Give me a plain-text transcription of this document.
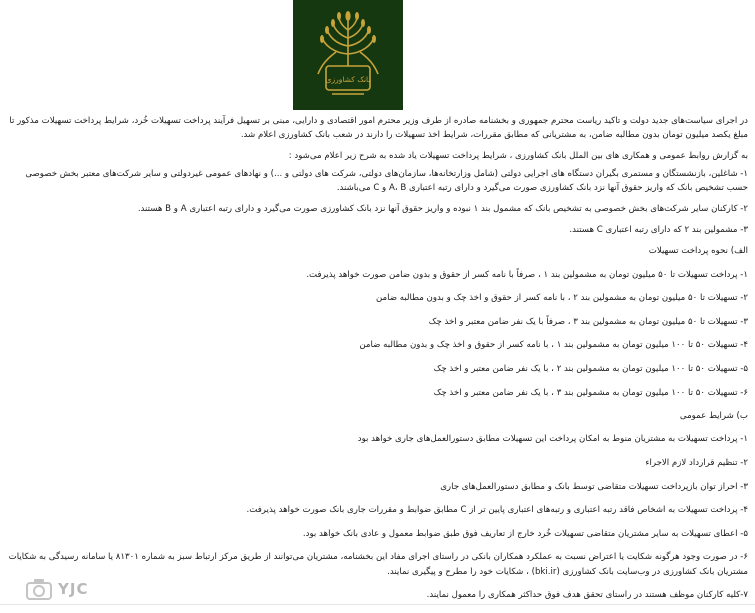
بانک کشاورزی
در اجرای سیاست‌های جدید دولت و تاکید ریاست محترم جمهوری و بخشنامه صادره از طرف وزیر محترم امور اقتصادی و دارایی، مبنی بر تسهیل فرآیند پرداخت تسهیلات خُرد، شرایط پرداخت تسهیلات مذکور تا مبلغ یکصد میلیون تومان بدون مطالبه ضامن، به مشتریانی که مطابق مقررات، شرایط اخذ تسهیلات را دارند در شعب بانک کشاورزی اعلام شد.
به گزارش روابط عمومی و همکاری های بین الملل بانک کشاورزی ، شرایط پرداخت تسهیلات یاد شده به شرح زیر اعلام می‌شود :
۱- شاغلین، بازنشستگان و مستمری بگیران دستگاه های اجرایی دولتی (شامل وزارتخانه‌ها، سازمان‌های دولتی، شرکت های دولتی و ...) و نهادهای عمومی غیردولتی و سایر شرکت‌های معتبر بخش خصوصی حسب تشخیص بانک که واریز حقوق آنها نزد بانک کشاورزی صورت می‌گیرد و دارای رتبه اعتباری A، B و C می‌باشند.
۲- کارکنان سایر شرکت‌های بخش خصوصی به تشخیص بانک که مشمول بند ۱ نبوده و واریز حقوق آنها نزد بانک کشاورزی صورت می‌گیرد و دارای رتبه اعتباری A و B هستند.
۳- مشمولین بند ۲ که دارای رتبه اعتباری C هستند.
الف) نحوه پرداخت تسهیلات
۱- پرداخت تسهیلات تا ۵۰ میلیون تومان به مشمولین بند ۱ ، صرفاً با نامه کسر از حقوق و بدون ضامن صورت خواهد پذیرفت.
۲- تسهیلات تا ۵۰ میلیون تومان به مشمولین بند ۲ ، با نامه کسر از حقوق و اخذ چک و بدون مطالبه ضامن
۳- تسهیلات تا ۵۰ میلیون تومان به مشمولین بند ۳ ، صرفاً با یک نفر ضامن معتبر و اخذ چک
۴- تسهیلات ۵۰ تا ۱۰۰ میلیون تومان به مشمولین بند ۱ ، با نامه کسر از حقوق و اخذ چک و بدون مطالبه ضامن
۵- تسهیلات ۵۰ تا ۱۰۰ میلیون تومان به مشمولین بند ۲ ، با یک نفر ضامن معتبر و اخذ چک
۶- تسهیلات ۵۰ تا ۱۰۰ میلیون تومان به مشمولین بند ۳ ، با یک نفر ضامن معتبر و اخذ چک
ب) شرایط عمومی
۱- پرداخت تسهیلات به مشتریان منوط به امکان پرداخت این تسهیلات مطابق دستورالعمل‌های جاری خواهد بود
۲- تنظیم قرارداد لازم الاجراء
۳- احراز توان بازپرداخت تسهیلات متقاضی توسط بانک و مطابق دستورالعمل‌های جاری
۴- پرداخت تسهیلات به اشخاص فاقد رتبه اعتباری و رتبه‌های اعتباری پایین تر از C مطابق ضوابط و مقررات جاری بانک صورت خواهد پذیرفت.
۵- اعطای تسهیلات به سایر مشتریان متقاضی تسهیلات خُرد خارج از تعاریف فوق طبق ضوابط معمول و عادی بانک خواهد بود.
۶- در صورت وجود هرگونه شکایت یا اعتراض نسبت به عملکرد همکاران بانکی در راستای اجرای مفاد این بخشنامه، مشتریان می‌توانند از طریق مرکز ارتباط سبز به شماره ۸۱۳۰۱ یا سامانه رسیدگی به شکایات مشتریان بانک کشاورزی در وب‌سایت بانک کشاورزی (bki.ir) ، شکایات خود را مطرح و پیگیری نمایند.
۷-کلیه کارکنان موظف هستند در راستای تحقق هدف فوق حداکثر همکاری را معمول نمایند.
YJC
